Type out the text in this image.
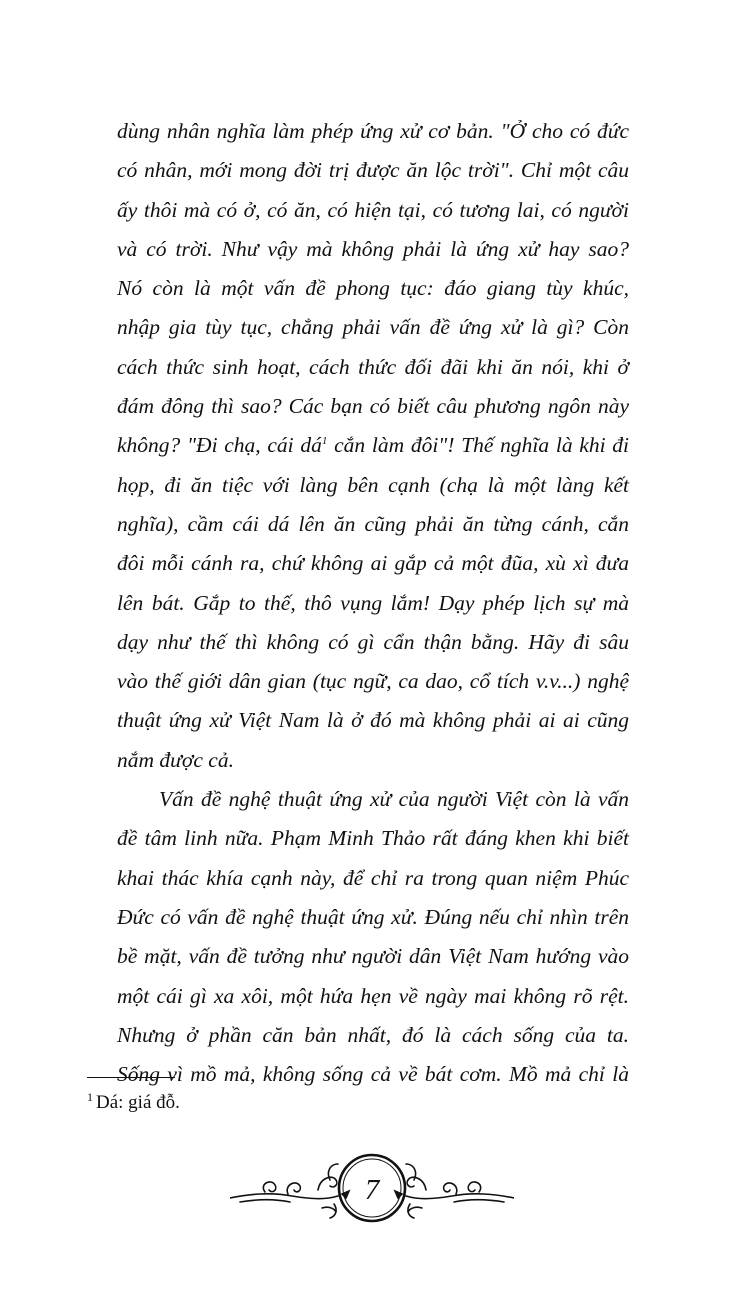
dùng nhân nghĩa làm phép ứng xử cơ bản. "Ở cho có đức
có nhân, mới mong đời trị được ăn lộc trời". Chỉ một câu
ấy thôi mà có ở, có ăn, có hiện tại, có tương lai, có người
và có trời. Như vậy mà không phải là ứng xử hay sao?
Nó còn là một vấn đề phong tục: đáo giang tùy khúc,
nhập gia tùy tục, chẳng phải vấn đề ứng xử là gì? Còn
cách thức sinh hoạt, cách thức đối đãi khi ăn nói, khi ở
đám đông thì sao? Các bạn có biết câu phương ngôn này
không? "Đi chạ, cái dá$^1$ cắn làm đôi"! Thế nghĩa là khi đi
họp, đi ăn tiệc với làng bên cạnh (chạ là một làng kết
nghĩa), cầm cái dá lên ăn cũng phải ăn từng cánh, cắn
đôi mỗi cánh ra, chứ không ai gắp cả một đũa, xù xì đưa
lên bát. Gắp to thế, thô vụng lắm! Dạy phép lịch sự mà
dạy như thế thì không có gì cẩn thận bằng. Hãy đi sâu
vào thế giới dân gian (tục ngữ, ca dao, cổ tích v.v...) nghệ
thuật ứng xử Việt Nam là ở đó mà không phải ai ai cũng
nắm được cả.
Vấn đề nghệ thuật ứng xử của người Việt còn là vấn
đề tâm linh nữa. Phạm Minh Thảo rất đáng khen khi biết
khai thác khía cạnh này, để chỉ ra trong quan niệm Phúc
Đức có vấn đề nghệ thuật ứng xử. Đúng nếu chỉ nhìn trên
bề mặt, vấn đề tưởng như người dân Việt Nam hướng vào
một cái gì xa xôi, một hứa hẹn về ngày mai không rõ rệt.
Nhưng ở phần căn bản nhất, đó là cách sống của ta.
Sống vì mồ mả, không sống cả về bát cơm. Mồ mả chỉ là
$^1$ Dá: giá đỗ.
7
